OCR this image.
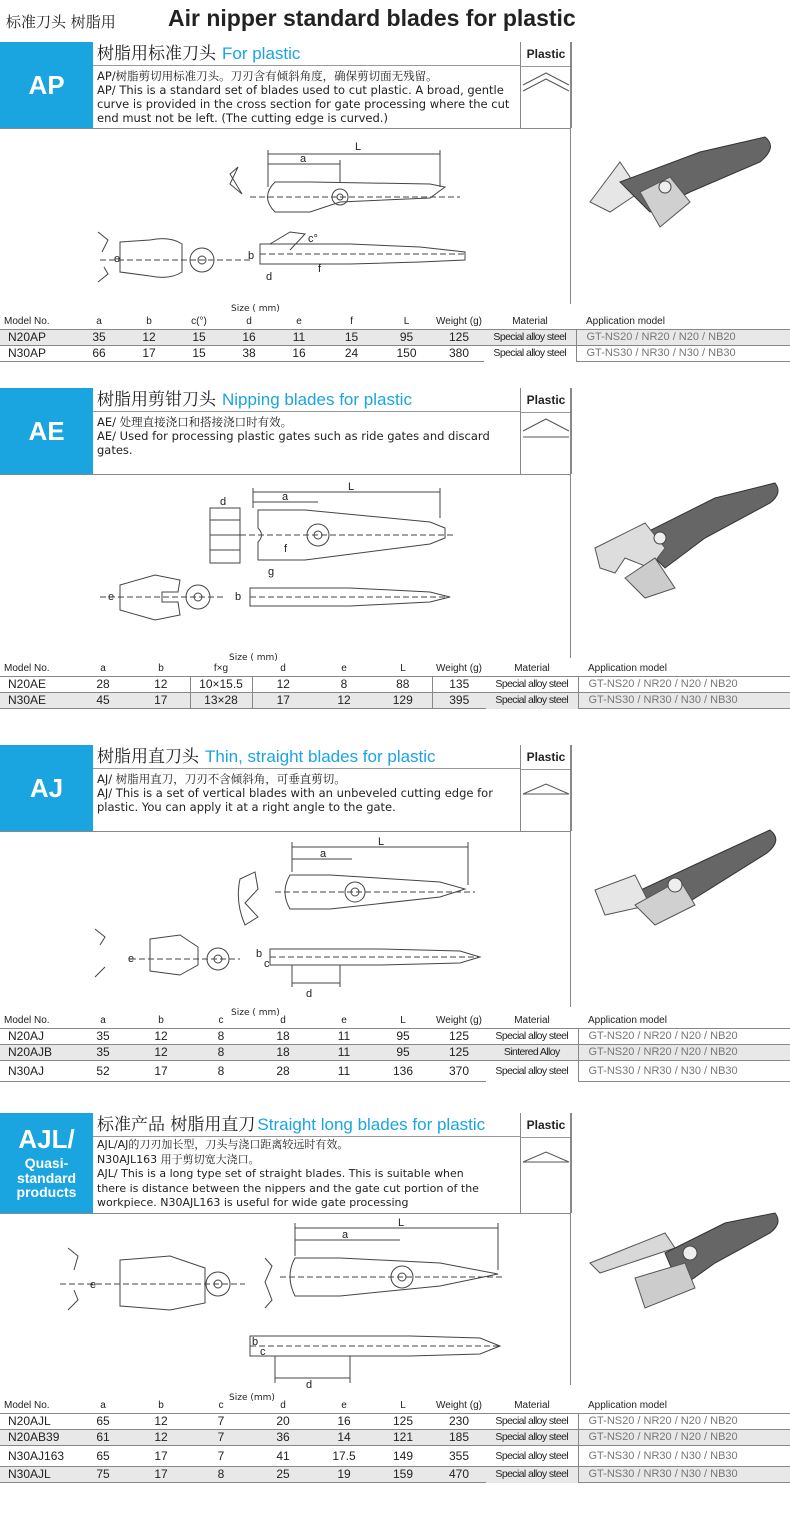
标准刀头 树脂用 Air nipper standard blades for plastic
AP
树脂用标准刀头 For plastic
AP/树脂剪切用标准刀头。刀刃含有倾斜角度，确保剪切面无残留。
AP/ This is a standard set of blades used to cut plastic. A broad, gentle
curve is provided in the cross section for gate processing where the cut
end must not be left. (The cutting edge is curved.)
Plastic
L
a
b
c°
d
e
f
Size ( mm)
Model No.	a	b	c(°)	d	e	f	L	Weight (g)	Material	Application model
N20AP	35	12	15	16	11	15	95	125	Special alloy steel	GT-NS20 / NR20 / N20 / NB20
N30AP	66	17	15	38	16	24	150	380	Special alloy steel	GT-NS30 / NR30 / N30 / NB30
AE
树脂用剪钳刀头 Nipping blades for plastic
AE/ 处理直接浇口和搭接浇口时有效。
AE/ Used for processing plastic gates such as ride gates and discard
gates.
Plastic
L
a
b
d
e
f
g
Size ( mm)
Model No.	a	b	f×g	d	e	L	Weight (g)	Material	Application model
N20AE	28	12	10×15.5	12	8	88	135	Special alloy steel	GT-NS20 / NR20 / N20 / NB20
N30AE	45	17	13×28	17	12	129	395	Special alloy steel	GT-NS30 / NR30 / N30 / NB30
AJ
树脂用直刀头 Thin, straight blades for plastic
AJ/ 树脂用直刀，刀刃不含倾斜角，可垂直剪切。
AJ/ This is a set of vertical blades with an unbeveled cutting edge for
plastic. You can apply it at a right angle to the gate.
Plastic
L
a
b
c
d
e
Size ( mm)
Model No.	a	b	c	d	e	L	Weight (g)	Material	Application model
N20AJ	35	12	8	18	11	95	125	Special alloy steel	GT-NS20 / NR20 / N20 / NB20
N20AJB	35	12	8	18	11	95	125	Sintered Alloy	GT-NS20 / NR20 / N20 / NB20
N30AJ	52	17	8	28	11	136	370	Special alloy steel	GT-NS30 / NR30 / N30 / NB30
AJL/
Quasi-standard products
标准产品 树脂用直刀 Straight long blades for plastic
AJL/AJ的刀刃加长型，刀头与浇口距离较远时有效。
N30AJL163 用于剪切宽大浇口。
AJL/ This is a long type set of straight blades. This is suitable when
there is distance between the nippers and the gate cut portion of the
workpiece. N30AJL163 is useful for wide gate processing
Plastic
L
a
b
c
d
e
Size (mm)
Model No.	a	b	c	d	e	L	Weight (g)	Material	Application model
N20AJL	65	12	7	20	16	125	230	Special alloy steel	GT-NS20 / NR20 / N20 / NB20
N20AB39	61	12	7	36	14	121	185	Special alloy steel	GT-NS20 / NR20 / N20 / NB20
N30AJ163	65	17	7	41	17.5	149	355	Special alloy steel	GT-NS30 / NR30 / N30 / NB30
N30AJL	75	17	8	25	19	159	470	Special alloy steel	GT-NS30 / NR30 / N30 / NB30
